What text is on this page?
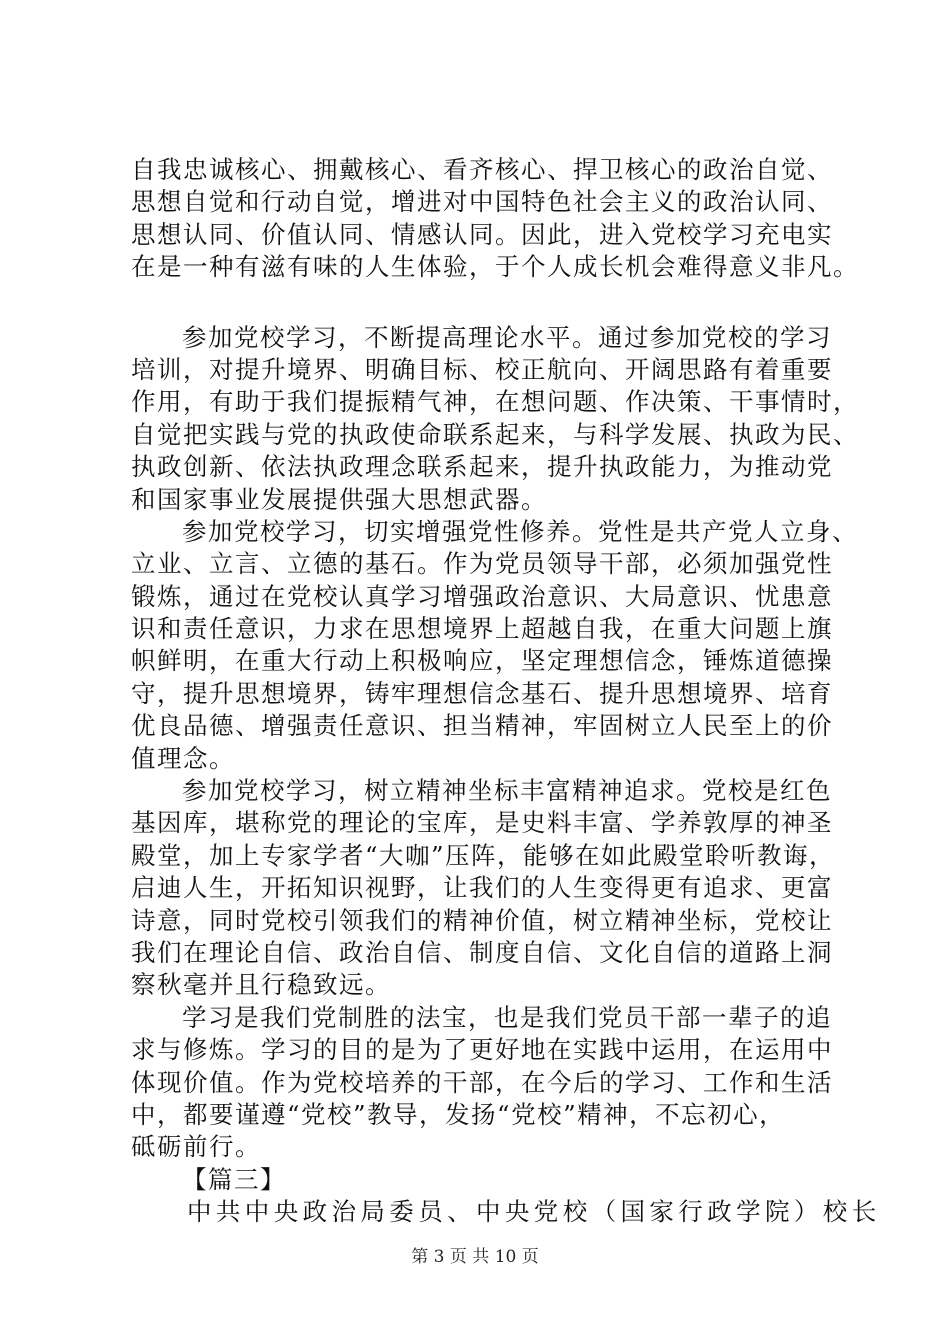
自我忠诚核心、拥戴核心、看齐核心、捍卫核心的政治自觉、
思想自觉和行动自觉，增进对中国特色社会主义的政治认同、
思想认同、价值认同、情感认同。因此，进入党校学习充电实
在是一种有滋有味的人生体验，于个人成长机会难得意义非凡。
参加党校学习，不断提高理论水平。通过参加党校的学习
培训，对提升境界、明确目标、校正航向、开阔思路有着重要
作用，有助于我们提振精气神，在想问题、作决策、干事情时，
自觉把实践与党的执政使命联系起来，与科学发展、执政为民、
执政创新、依法执政理念联系起来，提升执政能力，为推动党
和国家事业发展提供强大思想武器。
参加党校学习，切实增强党性修养。党性是共产党人立身、
立业、立言、立德的基石。作为党员领导干部，必须加强党性
锻炼，通过在党校认真学习增强政治意识、大局意识、忧患意
识和责任意识，力求在思想境界上超越自我，在重大问题上旗
帜鲜明，在重大行动上积极响应，坚定理想信念，锤炼道德操
守，提升思想境界，铸牢理想信念基石、提升思想境界、培育
优良品德、增强责任意识、担当精神，牢固树立人民至上的价
值理念。
参加党校学习，树立精神坐标丰富精神追求。党校是红色
基因库，堪称党的理论的宝库，是史料丰富、学养敦厚的神圣
殿堂，加上专家学者“大咖”压阵，能够在如此殿堂聆听教诲，
启迪人生，开拓知识视野，让我们的人生变得更有追求、更富
诗意，同时党校引领我们的精神价值，树立精神坐标，党校让
我们在理论自信、政治自信、制度自信、文化自信的道路上洞
察秋毫并且行稳致远。
学习是我们党制胜的法宝，也是我们党员干部一辈子的追
求与修炼。学习的目的是为了更好地在实践中运用，在运用中
体现价值。作为党校培养的干部，在今后的学习、工作和生活
中，都要谨遵“党校”教导，发扬“党校”精神，不忘初心，
砥砺前行。

【篇三】

中共中央政治局委员、中央党校（国家行政学院）校长

第 3 页 共 10 页
